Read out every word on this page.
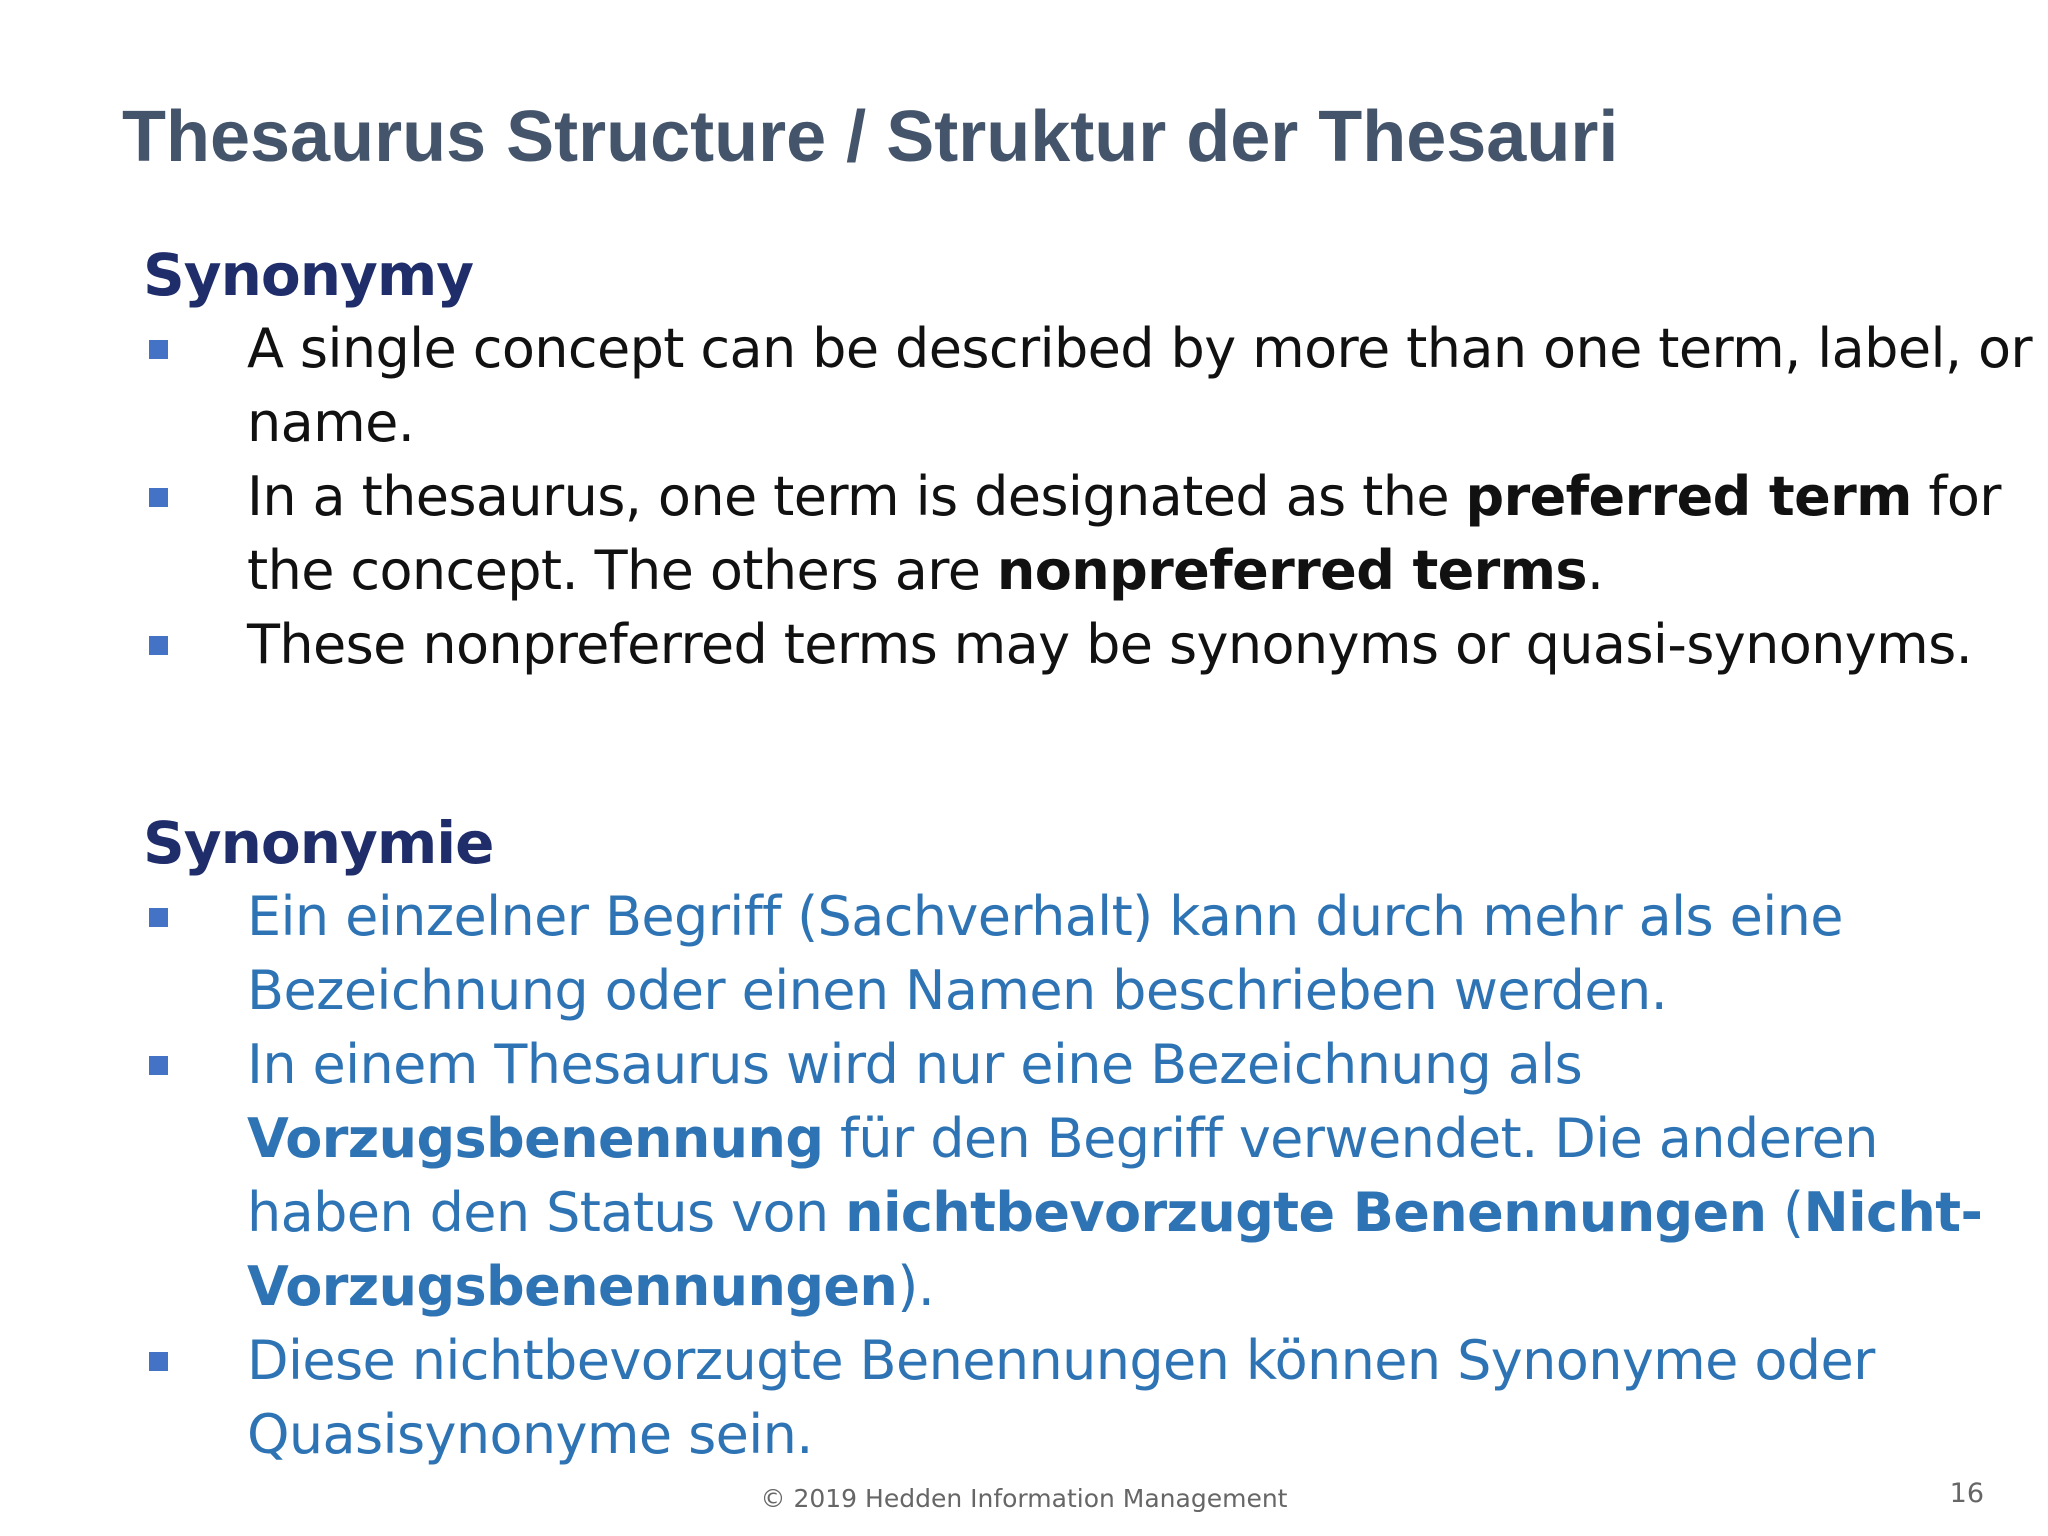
Thesaurus Structure / Struktur der Thesauri
Synonymy
A single concept can be described by more than one term, label, or name.
In a thesaurus, one term is designated as the preferred term for the concept. The others are nonpreferred terms.
These nonpreferred terms may be synonyms or quasi-synonyms.
Synonymie
Ein einzelner Begriff (Sachverhalt) kann durch mehr als eine Bezeichnung oder einen Namen beschrieben werden.
In einem Thesaurus wird nur eine Bezeichnung als Vorzugsbenennung für den Begriff verwendet. Die anderen haben den Status von nichtbevorzugte Benennungen (Nicht-Vorzugsbenennungen).
Diese nichtbevorzugte Benennungen können Synonyme oder Quasisynonyme sein.
© 2019 Hedden Information Management	16
